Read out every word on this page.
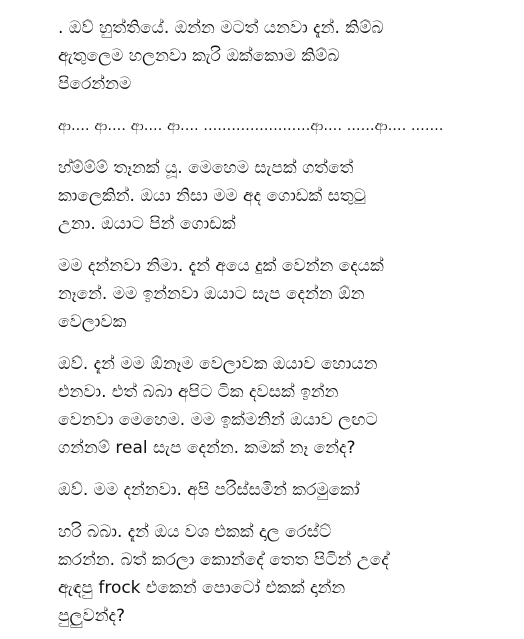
. ඔව් හුත්තියේ. ඔන්න මටත් යනවා දැන්. කිම්බ
ඇතුලෙම හලනවා කැරි ඔක්කොම කිම්බ
පිරෙන්නම

ආ.... ආ.... ආ.... ආ.... .......................ආ.... ......ආ.... .......

හ්ම්ම්ම් තෑනක් යූ. මෙහෙම සැපක් ගත්තේ
කාලෙකින්. ඔයා නිසා මම අද ගොඩක් සතුටු
උනා. ඔයාට පින් ගොඩක්

මම දන්නවා නිමා. දැන් අයෙ දුක් වෙන්න දෙයක්
නෑනේ. මම ඉන්නවා ඔයාට සැප දෙන්න ඕන
වෙලාවක

ඔව්. දැන් මම ඕනෑම වෙලාවක ඔයාව හොයන
එනවා. එත් බබා අපිට ටික දවසක් ඉන්න
වෙනවා මෙහෙම. මම ඉක්මනින් ඔයාව ලඟට
ගන්නම් real සැප දෙන්න. කමක් නෑ නේද?

ඔව්. මම දන්නවා. අපි පරිස්සමින් කරමුකෝ

හරි බබා. දැන් ඔය වශ එකක් දාල රෙස්ට්
කරන්න. බත් කරලා කොන්දේ තෙත පිටින් උදේ
ඇඳපු frock එකෙන් පොටෝ එකක් දාන්න
පුලුවන්ද?
